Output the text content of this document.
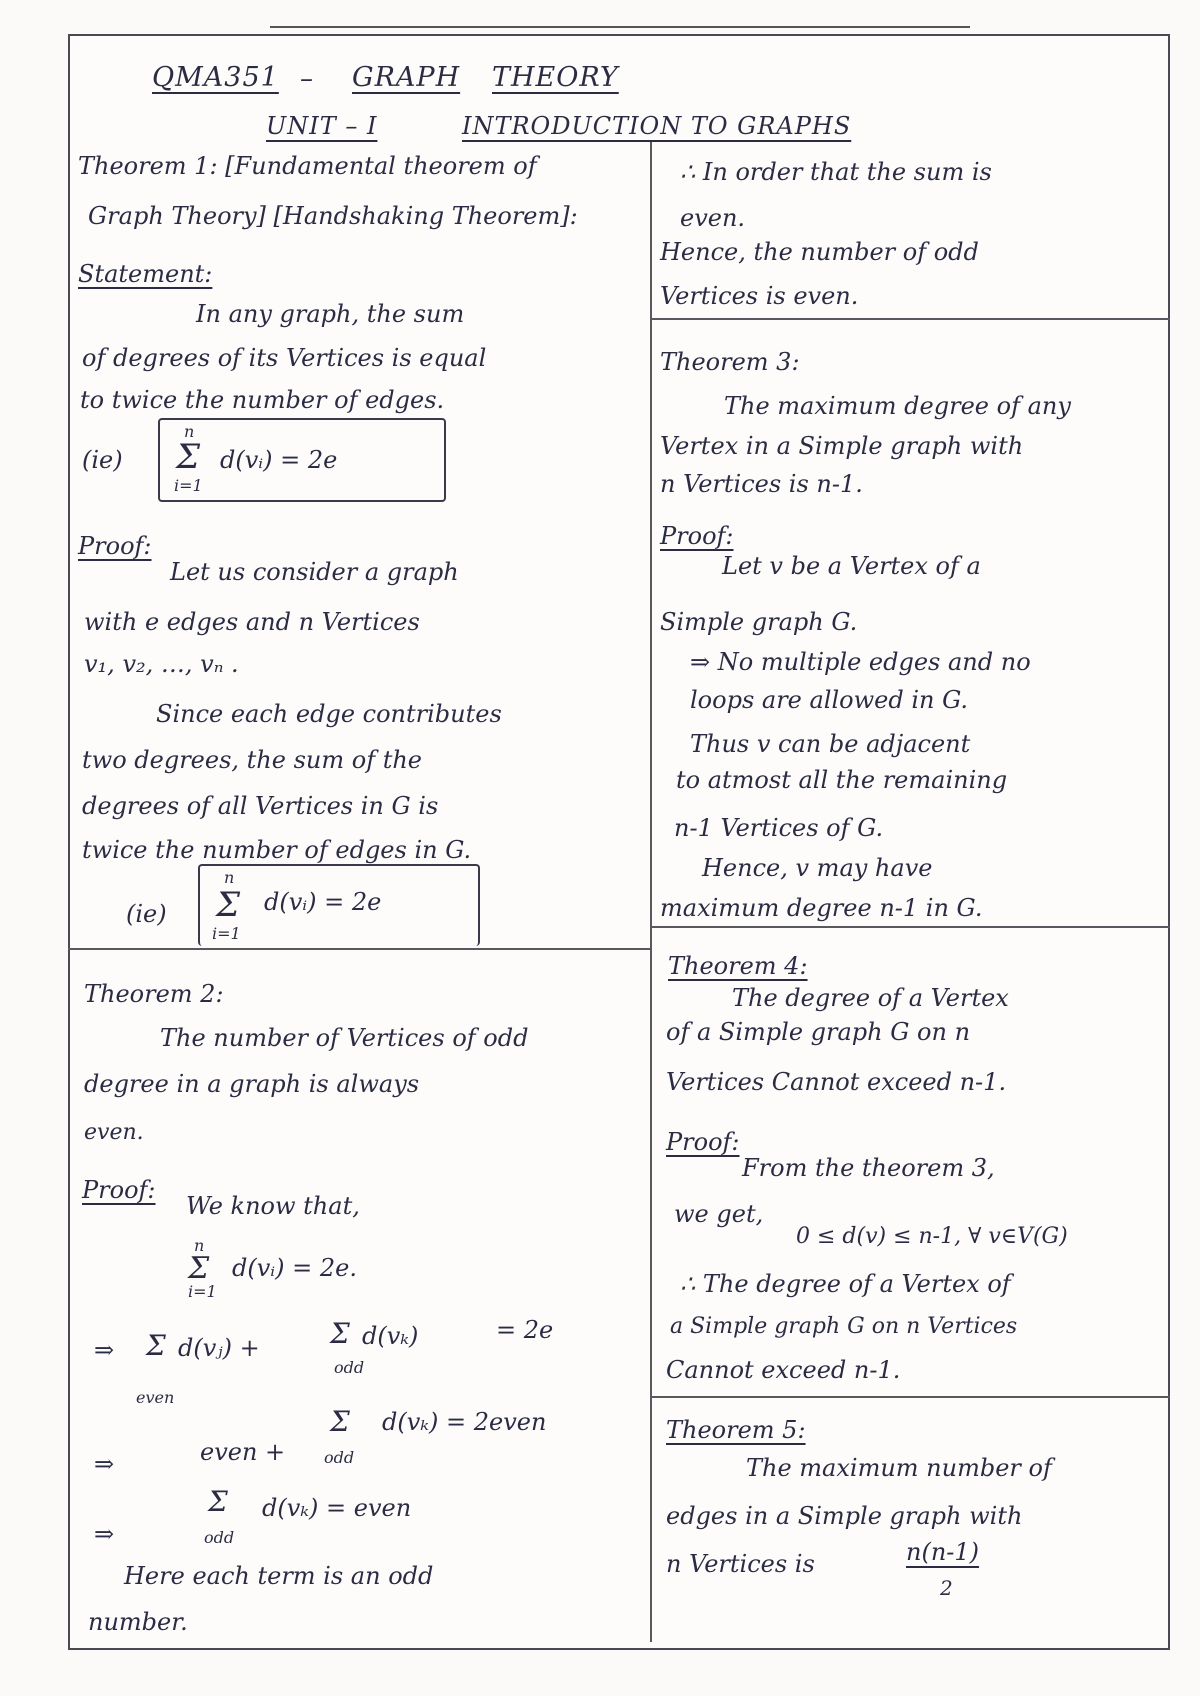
QMA351 – GRAPH THEORY
UNIT – I	INTRODUCTION TO GRAPHS
Theorem 1: [Fundamental theorem of
Graph Theory] [Handshaking Theorem]:
Statement:
In any graph, the sum
of degrees of its Vertices is equal
to twice the number of edges.
(ie) Σ
n
i=1
d(vᵢ) = 2e
Proof:
Let us consider a graph
with e edges and n Vertices
v₁, v₂, …, vₙ .
Since each edge contributes
two degrees, the sum of the
degrees of all Vertices in G is
twice the number of edges in G.
(ie) Σ
n
i=1
d(vᵢ) = 2e
Theorem 2:
The number of Vertices of odd
degree in a graph is always
even.
Proof:
We know that,
Σ
n
i=1
d(vᵢ) = 2e.
⇒ Σ d(vⱼ) +	Σ d(vₖ)	= 2e
even
odd
⇒	even +
Σ d(vₖ) = 2even
odd
⇒
Σ d(vₖ) = even
odd
Here each term is an odd
number.
∴ In order that the sum is
even.
Hence, the number of odd
Vertices is even.
Theorem 3:
The maximum degree of any
Vertex in a Simple graph with
n Vertices is n-1.
Proof:
Let v be a Vertex of a
Simple graph G.
⇒ No multiple edges and no
loops are allowed in G.
Thus v can be adjacent
to atmost all the remaining
n-1 Vertices of G.
Hence, v may have
maximum degree n-1 in G.
Theorem 4:
The degree of a Vertex
of a Simple graph G on n
Vertices Cannot exceed n-1.
Proof:
From the theorem 3,
we get,
0 ≤ d(v) ≤ n-1, ∀ v∈V(G)
∴ The degree of a Vertex of
a Simple graph G on n Vertices
Cannot exceed n-1.
Theorem 5:
The maximum number of
edges in a Simple graph with
n Vertices is	n(n-1)
2
